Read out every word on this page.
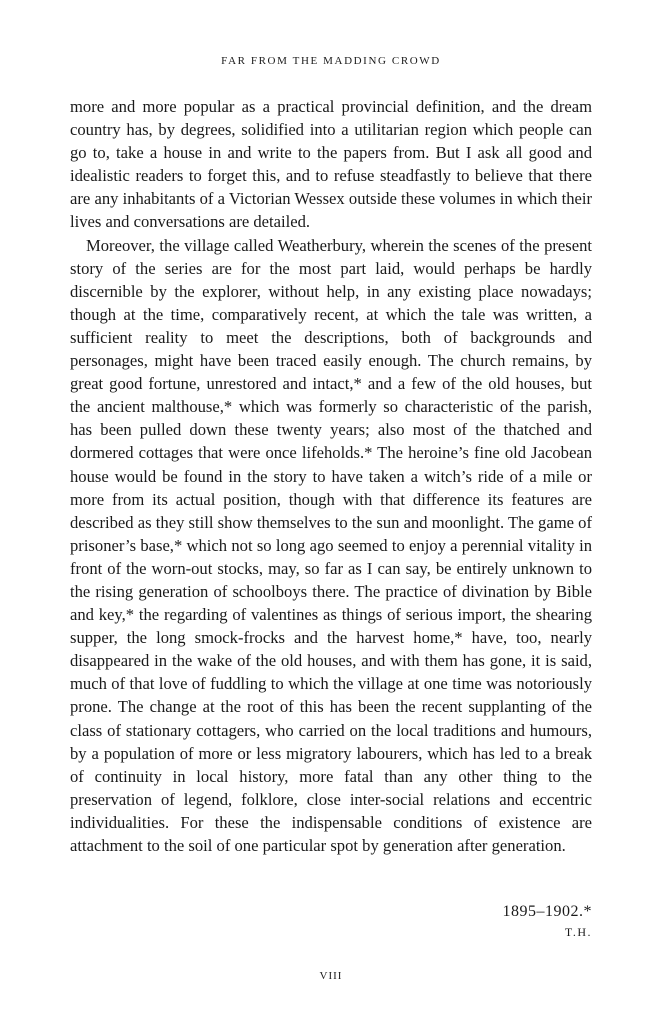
FAR FROM THE MADDING CROWD

more and more popular as a practical provincial definition, and the dream country has, by degrees, solidified into a utilitarian region which people can go to, take a house in and write to the papers from. But I ask all good and idealistic readers to forget this, and to refuse steadfastly to believe that there are any inhabitants of a Victorian Wessex outside these volumes in which their lives and conversations are detailed.

Moreover, the village called Weatherbury, wherein the scenes of the present story of the series are for the most part laid, would perhaps be hardly discernible by the explorer, without help, in any existing place nowadays; though at the time, comparatively recent, at which the tale was written, a sufficient reality to meet the descriptions, both of backgrounds and personages, might have been traced easily enough. The church remains, by great good fortune, unrestored and intact,* and a few of the old houses, but the ancient malthouse,* which was formerly so characteristic of the parish, has been pulled down these twenty years; also most of the thatched and dormered cottages that were once lifeholds.* The heroine’s fine old Jacobean house would be found in the story to have taken a witch’s ride of a mile or more from its actual position, though with that difference its features are described as they still show themselves to the sun and moonlight. The game of prisoner’s base,* which not so long ago seemed to enjoy a perennial vitality in front of the worn-out stocks, may, so far as I can say, be entirely unknown to the rising generation of schoolboys there. The practice of divination by Bible and key,* the regarding of valentines as things of serious import, the shearing supper, the long smock-frocks and the harvest home,* have, too, nearly disappeared in the wake of the old houses, and with them has gone, it is said, much of that love of fuddling to which the village at one time was notoriously prone. The change at the root of this has been the recent supplanting of the class of stationary cottagers, who carried on the local traditions and humours, by a population of more or less migratory labourers, which has led to a break of continuity in local history, more fatal than any other thing to the preservation of legend, folklore, close inter-social relations and eccentric individualities. For these the indispensable conditions of existence are attachment to the soil of one particular spot by generation after generation.

1895–1902.*
T.H.
VIII
